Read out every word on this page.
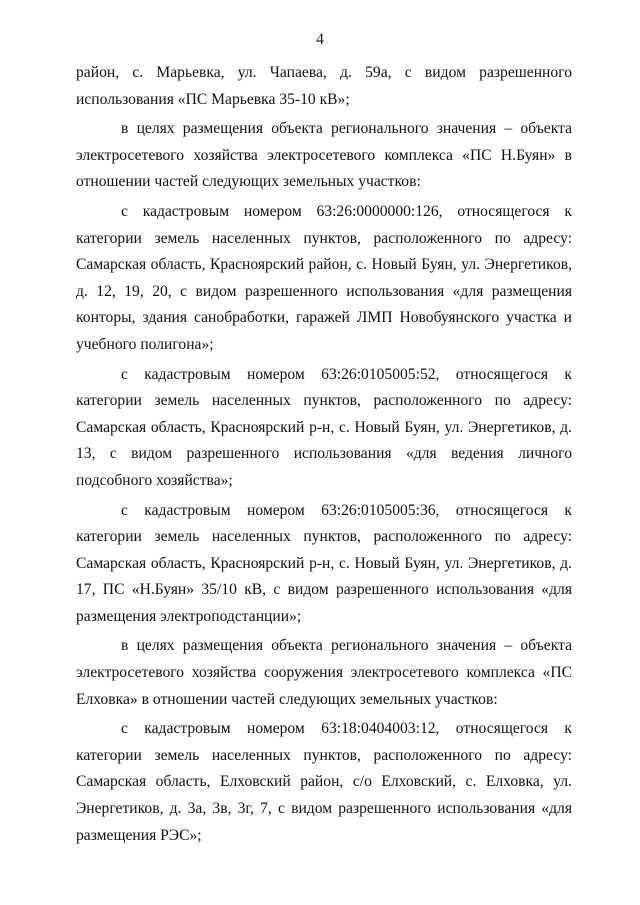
4

район, с. Марьевка, ул. Чапаева, д. 59а, с видом разрешенного использования «ПС Марьевка 35-10 кВ»;

в целях размещения объекта регионального значения – объекта электросетевого хозяйства электросетевого комплекса «ПС Н.Буян» в отношении частей следующих земельных участков:

с кадастровым номером 63:26:0000000:126, относящегося к категории земель населенных пунктов, расположенного по адресу: Самарская область, Красноярский район, с. Новый Буян, ул. Энергетиков, д. 12, 19, 20, с видом разрешенного использования «для размещения конторы, здания санобработки, гаражей ЛМП Новобуянского участка и учебного полигона»;

с кадастровым номером 63:26:0105005:52, относящегося к категории земель населенных пунктов, расположенного по адресу: Самарская область, Красноярский р-н, с. Новый Буян, ул. Энергетиков, д. 13, с видом разрешенного использования «для ведения личного подсобного хозяйства»;

с кадастровым номером 63:26:0105005:36, относящегося к категории земель населенных пунктов, расположенного по адресу: Самарская область, Красноярский р-н, с. Новый Буян, ул. Энергетиков, д. 17, ПС «Н.Буян» 35/10 кВ, с видом разрешенного использования «для размещения электроподстанции»;

в целях размещения объекта регионального значения – объекта электросетевого хозяйства сооружения электросетевого комплекса «ПС Елховка» в отношении частей следующих земельных участков:

с кадастровым номером 63:18:0404003:12, относящегося к категории земель населенных пунктов, расположенного по адресу: Самарская область, Елховский район, с/о Елховский, с. Елховка, ул. Энергетиков, д. 3а, 3в, 3г, 7, с видом разрешенного использования «для размещения РЭС»;
